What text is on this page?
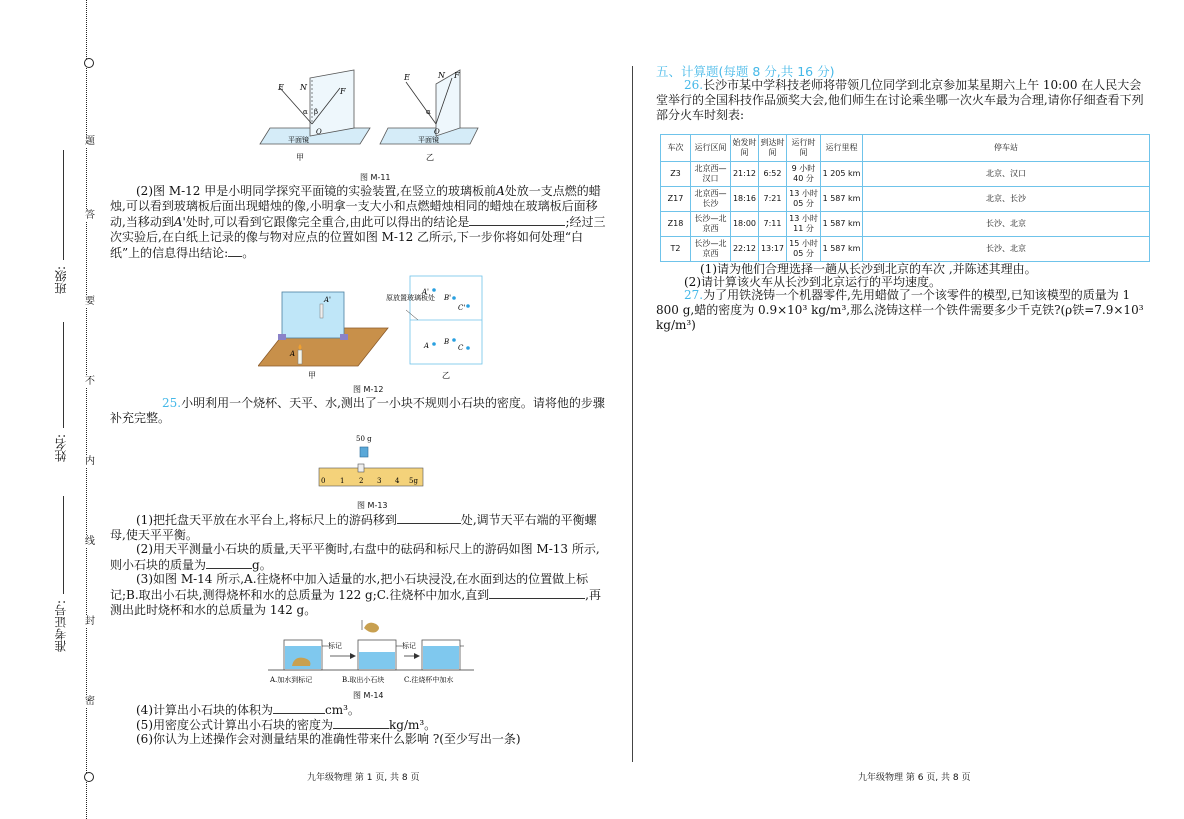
题
答
要
不
内
线
封
密
班级:
姓名:
准考证号:
E N	F
α β
O
平面镜
甲
E	N F
α
O
平面镜
乙
图 M-11

(2)图 M-12 甲是小明同学探究平面镜的实验装置,在竖立的玻璃板前A处放一支点燃的蜡烛,可以看到玻璃板后面出现蜡烛的像,小明拿一支大小和点燃蜡烛相同的蜡烛在玻璃板后面移动,当移动到A'处时,可以看到它跟像完全重合,由此可以得出的结论是	;经过三次实验后,在白纸上记录的像与物对应点的位置如图 M-12 乙所示,下一步你将如何处理“白纸”上的信息得出结论: 。

A'
A
甲
原放置玻璃板处
A'
B'
C'
A B
C
乙
图 M-12

25.小明利用一个烧杯、天平、水,测出了一小块不规则小石块的密度。请将他的步骤补充完整。

50 g
0 1 2 3 4 5g
图 M-13

(1)把托盘天平放在水平台上,将标尺上的游码移到	处,调节天平右端的平衡螺母,使天平平衡。

(2)用天平测量小石块的质量,天平平衡时,右盘中的砝码和标尺上的游码如图 M-13 所示,则小石块的质量为	g。

(3)如图 M-14 所示,A.往烧杯中加入适量的水,把小石块浸没,在水面到达的位置做上标记;B.取出小石块,测得烧杯和水的总质量为 122 g;C.往烧杯中加水,直到	,再测出此时烧杯和水的总质量为 142 g。

标记	标记
A.加水到标记	B.取出小石块	C.往烧杯中加水
图 M-14

(4)计算出小石块的体积为	cm³。

(5)用密度公式计算出小石块的密度为	kg/m³。

(6)你认为上述操作会对测量结果的准确性带来什么影响 ?(至少写出一条)

九年级物理 第 1 页, 共 8 页
五、计算题(每题 8 分,共 16 分)

26.长沙市某中学科技老师将带领几位同学到北京参加某星期六上午 10:00 在人民大会堂举行的全国科技作品颁奖大会,他们师生在讨论乘坐哪一次火车最为合理,请你仔细查看下列部分火车时刻表:

车次	运行区间	始发时间	到达时间	运行时间	运行里程	停车站
Z3	北京西—汉口	21:12	6:52	9 小时 40 分	1 205 km	北京、汉口
Z17	北京西—长沙	18:16	7:21	13 小时 05 分	1 587 km	北京、长沙
Z18	长沙—北京西	18:00	7:11	13 小时 11 分	1 587 km	长沙、北京
T2	长沙—北京西	22:12	13:17	15 小时 05 分	1 587 km	长沙、北京

(1)请为他们合理选择一趟从长沙到北京的车次 ,并陈述其理由。

(2)请计算该火车从长沙到北京运行的平均速度。

27.为了用铁浇铸一个机器零件,先用蜡做了一个该零件的模型,已知该模型的质量为 1 800 g,蜡的密度为 0.9×10³ kg/m³,那么浇铸这样一个铁件需要多少千克铁?(ρ铁=7.9×10³ kg/m³)

九年级物理 第 6 页, 共 8 页
